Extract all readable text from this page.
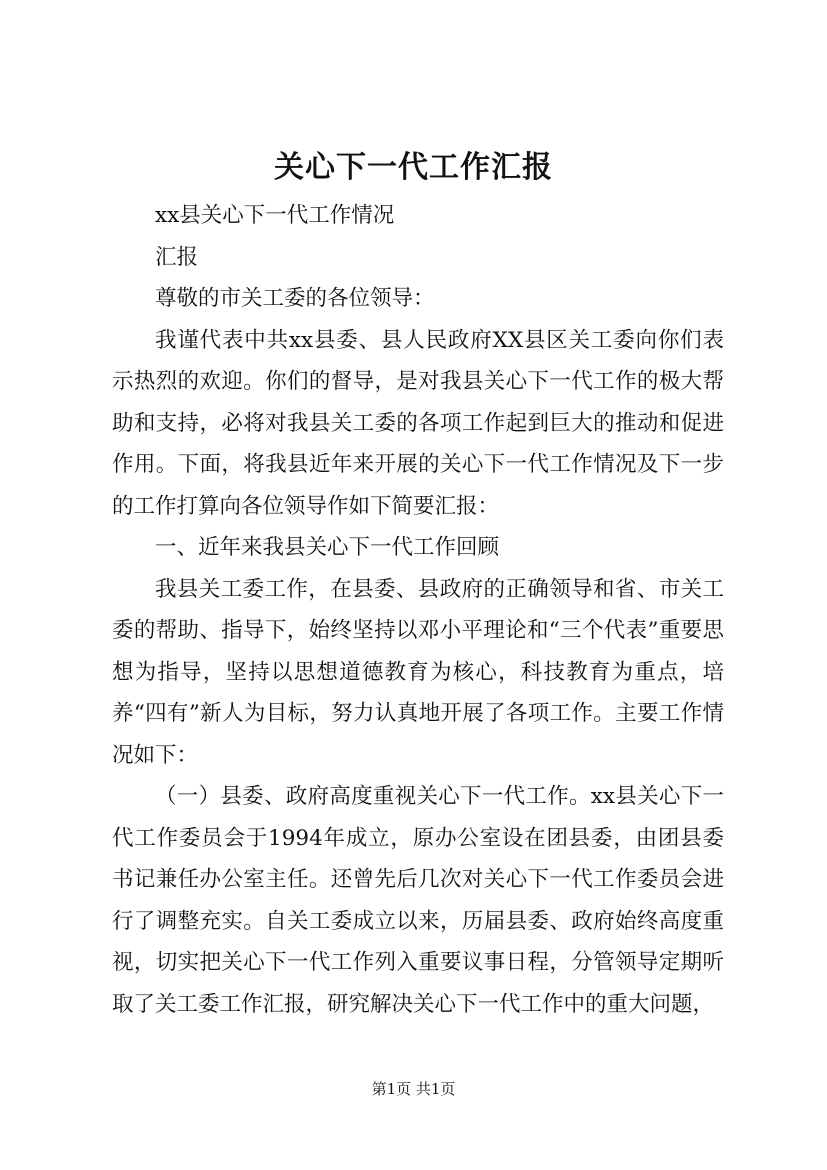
关心下一代工作汇报

xx县关心下一代工作情况

汇报

尊敬的市关工委的各位领导：

我谨代表中共xx县委、县人民政府XX县区关工委向你们表示热烈的欢迎。你们的督导，是对我县关心下一代工作的极大帮助和支持，必将对我县关工委的各项工作起到巨大的推动和促进作用。下面，将我县近年来开展的关心下一代工作情况及下一步的工作打算向各位领导作如下简要汇报：

一、近年来我县关心下一代工作回顾

我县关工委工作，在县委、县政府的正确领导和省、市关工委的帮助、指导下，始终坚持以邓小平理论和“三个代表”重要思想为指导，坚持以思想道德教育为核心，科技教育为重点，培养“四有”新人为目标，努力认真地开展了各项工作。主要工作情况如下：

（一）县委、政府高度重视关心下一代工作。xx县关心下一代工作委员会于1994年成立，原办公室设在团县委，由团县委书记兼任办公室主任。还曾先后几次对关心下一代工作委员会进行了调整充实。自关工委成立以来，历届县委、政府始终高度重视，切实把关心下一代工作列入重要议事日程，分管领导定期听取了关工委工作汇报，研究解决关心下一代工作中的重大问题，

第1页 共1页
